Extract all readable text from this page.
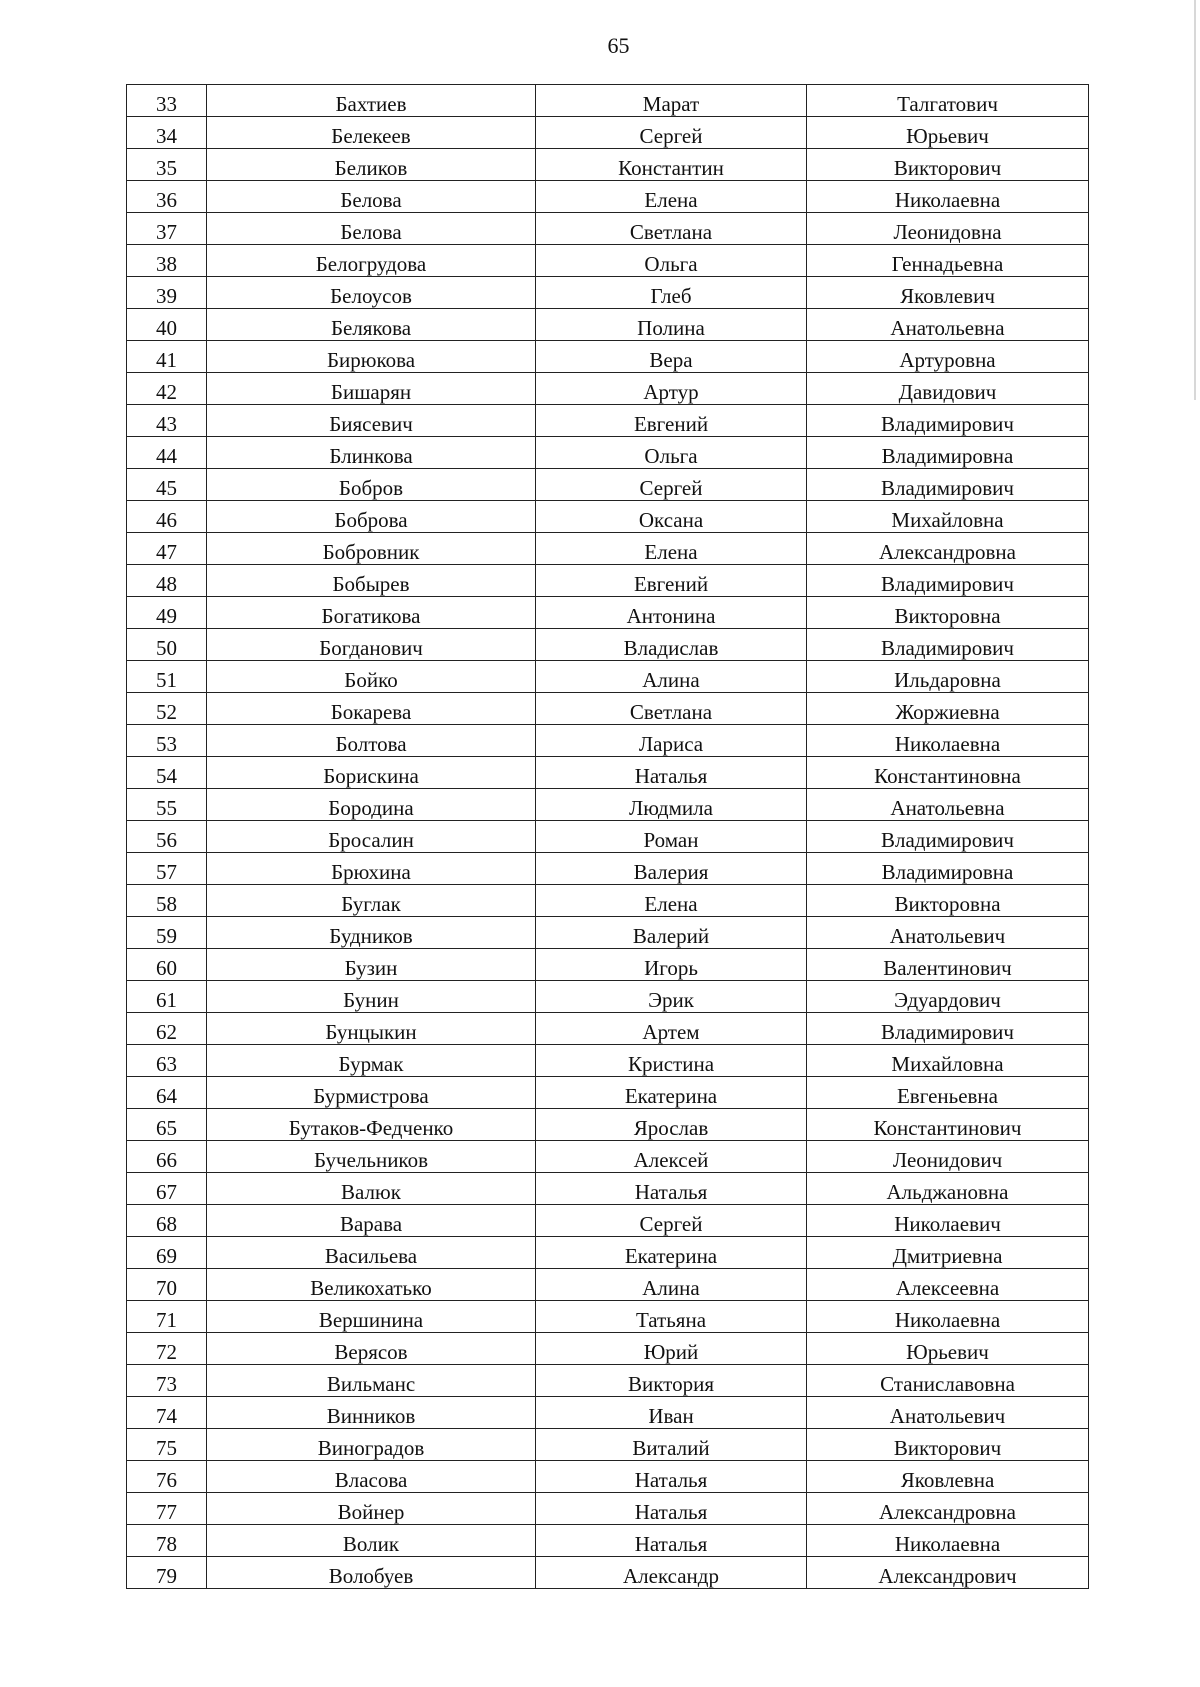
65
33	Бахтиев	Марат	Талгатович
34	Белекеев	Сергей	Юрьевич
35	Беликов	Константин	Викторович
36	Белова	Елена	Николаевна
37	Белова	Светлана	Леонидовна
38	Белогрудова	Ольга	Геннадьевна
39	Белоусов	Глеб	Яковлевич
40	Белякова	Полина	Анатольевна
41	Бирюкова	Вера	Артуровна
42	Бишарян	Артур	Давидович
43	Биясевич	Евгений	Владимирович
44	Блинкова	Ольга	Владимировна
45	Бобров	Сергей	Владимирович
46	Боброва	Оксана	Михайловна
47	Бобровник	Елена	Александровна
48	Бобырев	Евгений	Владимирович
49	Богатикова	Антонина	Викторовна
50	Богданович	Владислав	Владимирович
51	Бойко	Алина	Ильдаровна
52	Бокарева	Светлана	Жоржиевна
53	Болтова	Лариса	Николаевна
54	Борискина	Наталья	Константиновна
55	Бородина	Людмила	Анатольевна
56	Бросалин	Роман	Владимирович
57	Брюхина	Валерия	Владимировна
58	Буглак	Елена	Викторовна
59	Будников	Валерий	Анатольевич
60	Бузин	Игорь	Валентинович
61	Бунин	Эрик	Эдуардович
62	Бунцыкин	Артем	Владимирович
63	Бурмак	Кристина	Михайловна
64	Бурмистрова	Екатерина	Евгеньевна
65	Бутаков-Федченко	Ярослав	Константинович
66	Бучельников	Алексей	Леонидович
67	Валюк	Наталья	Альджановна
68	Варава	Сергей	Николаевич
69	Васильева	Екатерина	Дмитриевна
70	Великохатько	Алина	Алексеевна
71	Вершинина	Татьяна	Николаевна
72	Верясов	Юрий	Юрьевич
73	Вильманс	Виктория	Станиславовна
74	Винников	Иван	Анатольевич
75	Виноградов	Виталий	Викторович
76	Власова	Наталья	Яковлевна
77	Войнер	Наталья	Александровна
78	Волик	Наталья	Николаевна
79	Волобуев	Александр	Александрович
